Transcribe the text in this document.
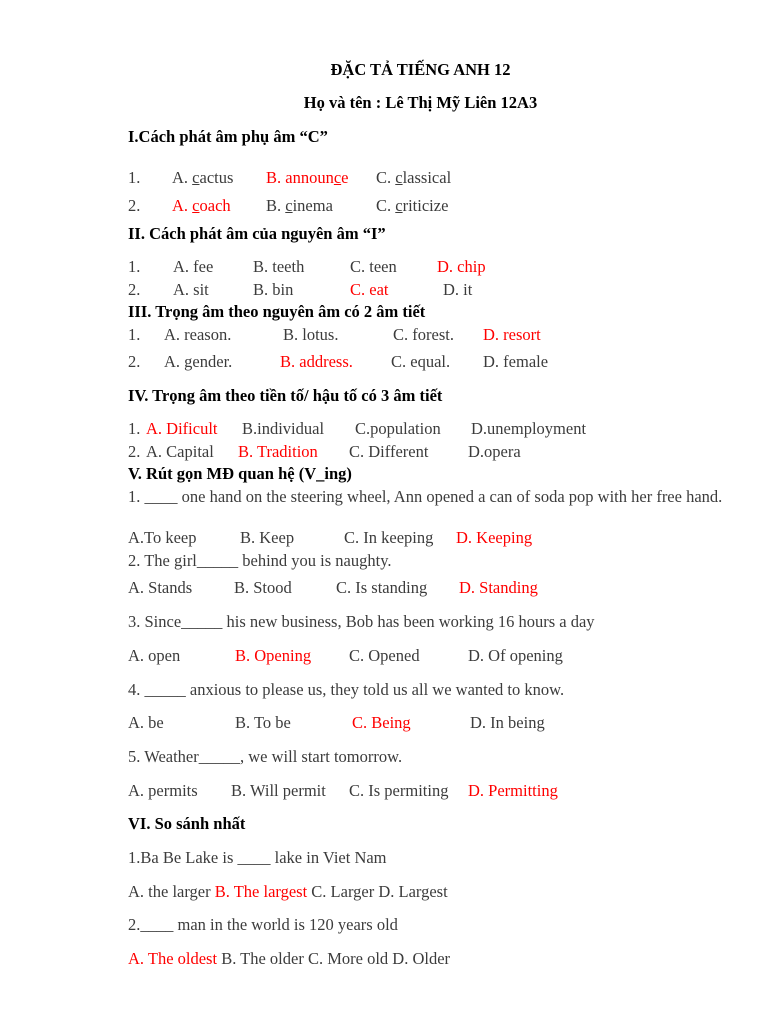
ĐẶC TẢ TIẾNG ANH 12
Họ và tên : Lê Thị Mỹ Liên 12A3
I.Cách phát âm phụ âm “C”
1. A. cactus B. announce C. classical
2. A. coach B. cinema	C. criticize
II. Cách phát âm của nguyên âm “I”
1. A. fee B. teeth	C. teen D. chip
2. A. sit	B. bin	C. eat	D. it
III. Trọng âm theo nguyên âm có 2 âm tiết
1. A. reason.	B. lotus.	C. forest. D. resort
2. A. gender.	B. address. C. equal. D. female
IV. Trọng âm theo tiền tố/ hậu tố có 3 âm tiết
1. A. Dificult B.individual C.population D.unemployment
2. A. Capital B. Tradition C. Different D.opera
V. Rút gọn MĐ quan hệ (V_ing)
1. ____ one hand on the steering wheel, Ann opened a can of soda pop with her free hand.
A.To keep	B. Keep	C. In keeping D. Keeping
2. The girl_____ behind you is naughty.
A. Stands	B. Stood	C. Is standing D. Standing
3. Since_____ his new business, Bob has been working 16 hours a day
A. open	B. Opening C. Opened	D. Of opening
4. _____ anxious to please us, they told us all we wanted to know.
A. be	B. To be	C. Being	D. In being
5. Weather_____, we will start tomorrow.
A. permits B. Will permit C. Is permiting D. Permitting
VI. So sánh nhất
1.Ba Be Lake is ____ lake in Viet Nam
A. the larger B. The largest C. Larger D. Largest
2.____ man in the world is 120 years old
A. The oldest B. The older C. More old D. Older
